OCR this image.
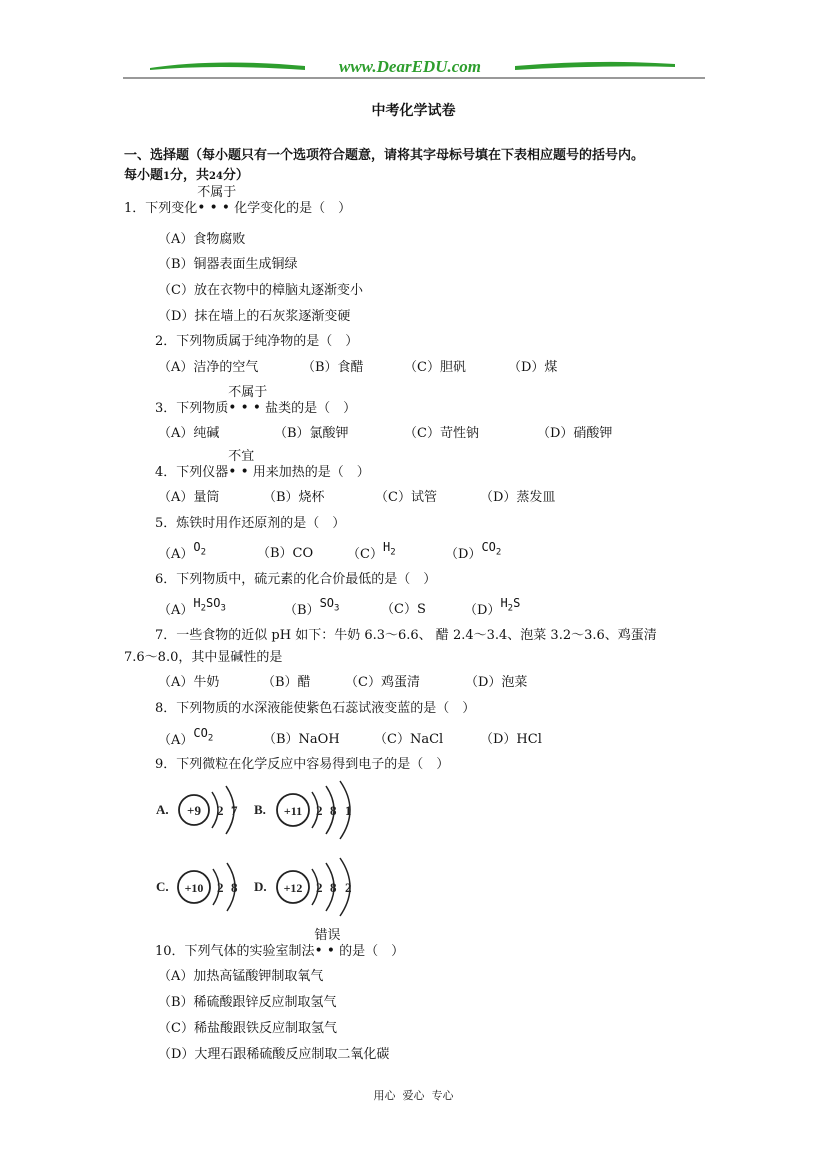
www.DearEDU.com
中考化学试卷
一、选择题（每小题只有一个选项符合题意，请将其字母标号填在下表相应题号的括号内。
每小题1分，共24分）
1．下列变化
不属于
•••化学变化的是（　）
（A）食物腐败
（B）铜器表面生成铜绿
（C）放在衣物中的樟脑丸逐渐变小
（D）抹在墙上的石灰浆逐渐变硬
2．下列物质属于纯净物的是（　）
（A）洁净的空气	（B）食醋	（C）胆矾	（D）煤
3．下列物质
不属于
•••盐类的是（　）
（A）纯碱	（B）氯酸钾	（C）苛性钠	（D）硝酸钾
4．下列仪器
不宜
••用来加热的是（　）
（A）量筒	（B）烧杯	（C）试管	（D）蒸发皿
5．炼铁时用作还原剂的是（　）
$(A)O_2$	（B）CO	$(C)H_2$	$(D)CO_2$
6．下列物质中，硫元素的化合价最低的是（　）
$(A)H_2SO_3$	$(B)SO_3$	（C）S	$(D)H_2S$
7．一些食物的近似 pH 如下：牛奶 6.3～6.6、 醋 2.4～3.4、泡菜 3.2～3.6、鸡蛋清
7.6～8.0，其中显碱性的是
（A）牛奶	（B）醋	（C）鸡蛋清	（D）泡菜
8．下列物质的水深液能使紫色石蕊试液变蓝的是（　）
$(A)CO_2$	（B）NaOH	（C）NaCl	（D）HCl
9．下列微粒在化学反应中容易得到电子的是（　）
A. +9 2 7 B. +11 2 8 1
C. +10 2 8 D. +12 2 8 2
10．下列气体的实验室制法
错误
••的是（　）
（A）加热高锰酸钾制取氧气
（B）稀硫酸跟锌反应制取氢气
（C）稀盐酸跟铁反应制取氢气
（D）大理石跟稀硫酸反应制取二氧化碳
用心  爱心  专心
